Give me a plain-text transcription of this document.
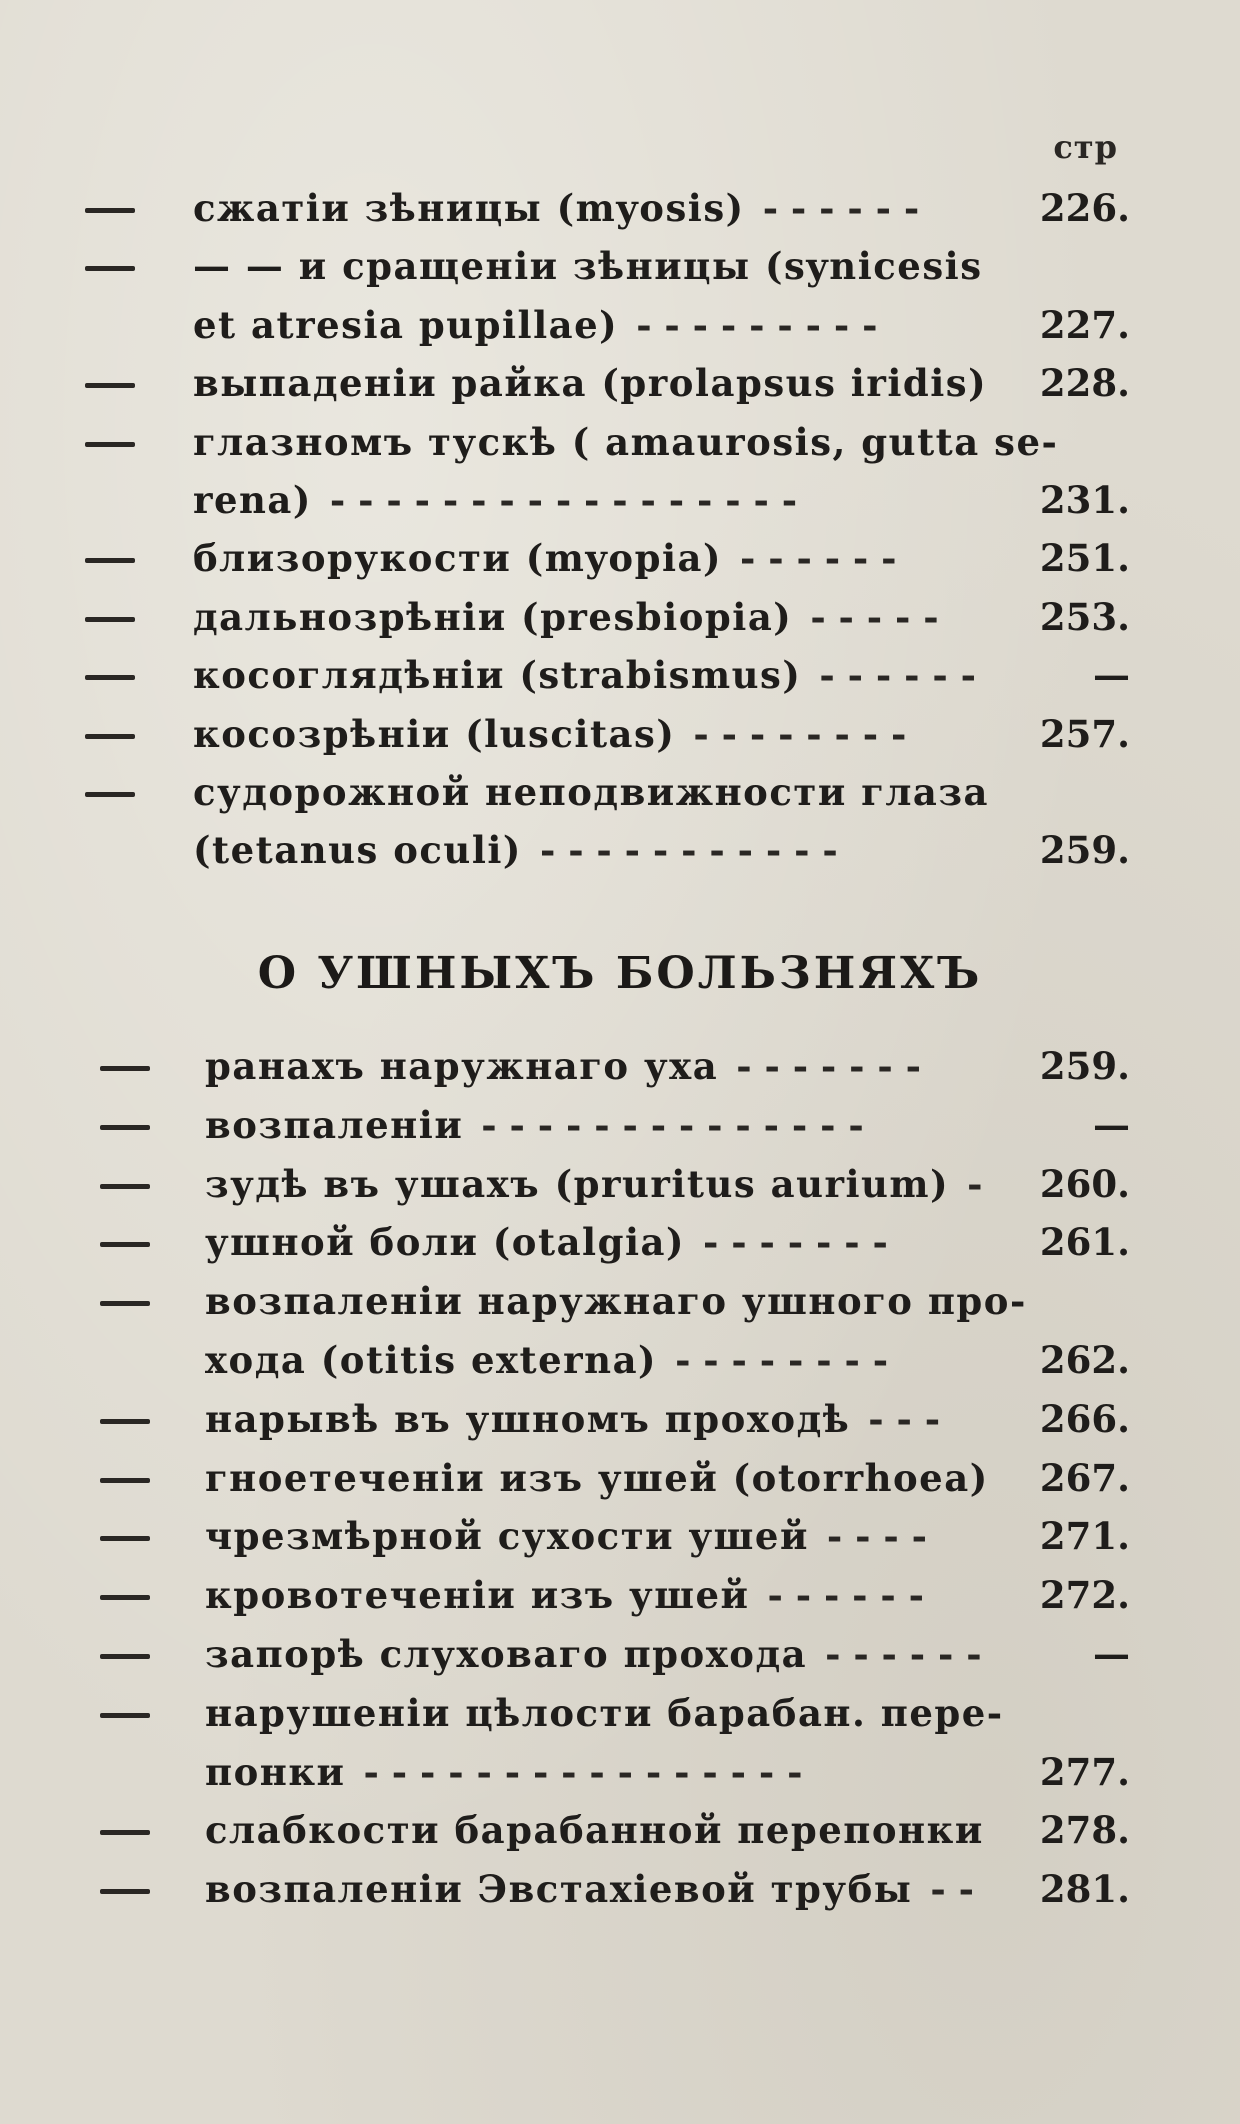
стр
О УШНЫХЪ БОЛЬЗНЯХЪ
сжатіи зѣницы (myosis)	226.
- - - - - -
— — и сращеніи зѣницы (synicesis
et atresia pupillae)	227.
- - - - - - - - -
выпаденіи райка (prolapsus iridis) 228.
глазномъ тускѣ ( amaurosis, gutta se-
rena)	231.
- - - - - - - - - - - - - - - - -
близорукости (myopia)	251.
- - - - - -
дальнозрѣніи (presbiopia)	253.
- - - - -
косоглядѣніи (strabismus)	—
- - - - - -
косозрѣніи (luscitas)	257.
- - - - - - - -
судорожной неподвижности глаза
(tetanus oculi)	259.
- - - - - - - - - - -
ранахъ наружнаго уха	259.
- - - - - - -
возпаленіи	—
- - - - - - - - - - - - - -
зудѣ въ ушахъ (pruritus aurium) 260.
-
ушной боли (otalgia)	261.
- - - - - - -
возпаленіи наружнаго ушного про-
хода (otitis externa)	262.
- - - - - - - -
нарывѣ въ ушномъ проходѣ	266.
- - -
гноетеченіи изъ ушей (otorrhoea) 267.
чрезмѣрной сухости ушей	271.
- - - -
кровотеченіи изъ ушей	272.
- - - - - -
запорѣ слуховаго прохода	—
- - - - - -
нарушеніи цѣлости барабан. пере-
понки	277.
- - - - - - - - - - - - - - - -
слабкости барабанной перепонки 278.
возпаленіи Эвстахіевой трубы	281.
- -
